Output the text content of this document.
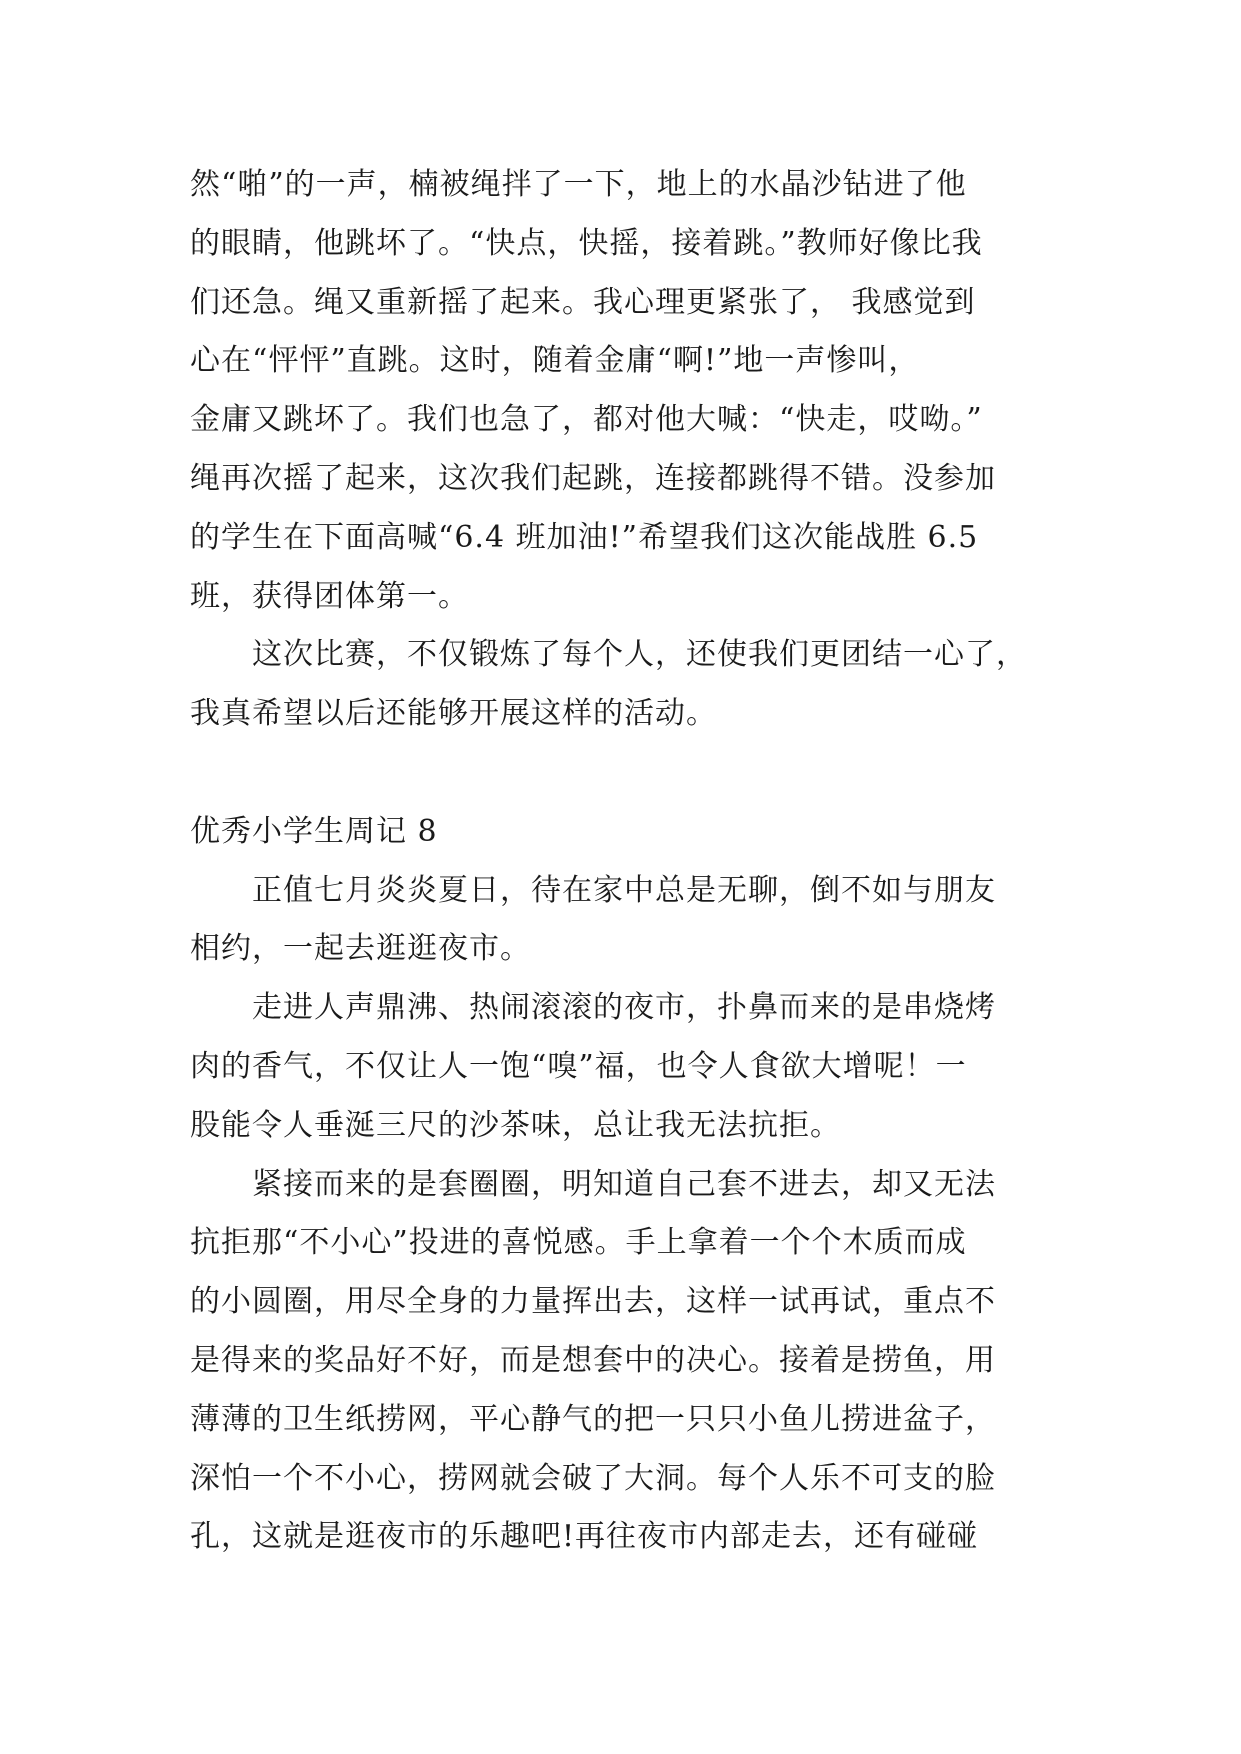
然“啪”的一声，楠被绳拌了一下，地上的水晶沙钻进了他
的眼睛，他跳坏了。“快点，快摇，接着跳。”教师好像比我
们还急。绳又重新摇了起来。我心理更紧张了， 我感觉到
心在“怦怦”直跳。这时，随着金庸“啊!”地一声惨叫，
金庸又跳坏了。我们也急了，都对他大喊：“快走，哎呦。”
绳再次摇了起来，这次我们起跳，连接都跳得不错。没参加
的学生在下面高喊“6.4 班加油!”希望我们这次能战胜 6.5
班，获得团体第一。
　　这次比赛，不仅锻炼了每个人，还使我们更团结一心了，
我真希望以后还能够开展这样的活动。
优秀小学生周记 8
　　正值七月炎炎夏日，待在家中总是无聊，倒不如与朋友
相约，一起去逛逛夜市。
　　走进人声鼎沸、热闹滚滚的夜市，扑鼻而来的是串烧烤
肉的香气，不仅让人一饱“嗅”福，也令人食欲大增呢！一
股能令人垂涎三尺的沙茶味，总让我无法抗拒。
　　紧接而来的是套圈圈，明知道自己套不进去，却又无法
抗拒那“不小心”投进的喜悦感。手上拿着一个个木质而成
的小圆圈，用尽全身的力量挥出去，这样一试再试，重点不
是得来的奖品好不好，而是想套中的决心。接着是捞鱼，用
薄薄的卫生纸捞网，平心静气的把一只只小鱼儿捞进盆子，
深怕一个不小心，捞网就会破了大洞。每个人乐不可支的脸
孔，这就是逛夜市的乐趣吧!再往夜市内部走去，还有碰碰
